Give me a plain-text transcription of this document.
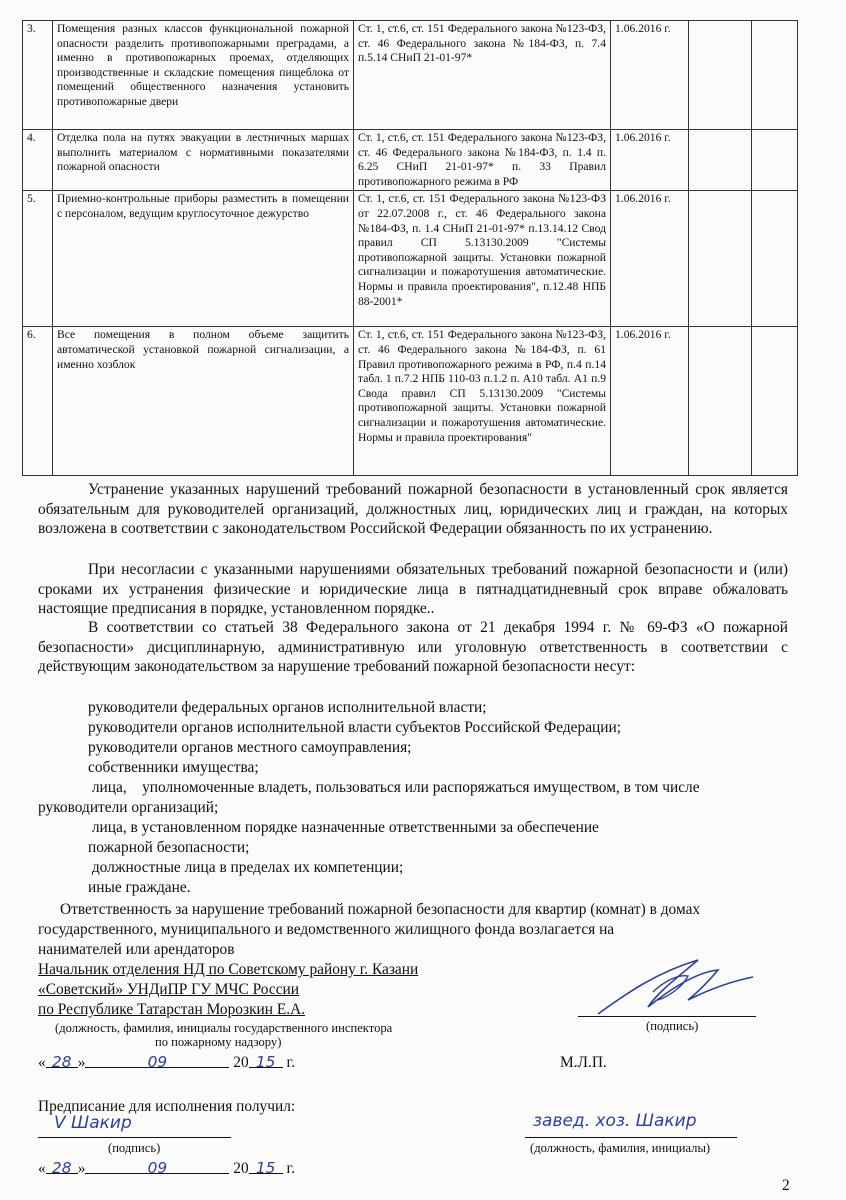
3.	Помещения разных классов функциональной пожарной опасности разделить противопожарными преградами, а именно в противопожарных проемах, отделяющих производственные и складские помещения пищеблока от помещений общественного назначения установить противопожарные двери	Ст. 1, ст.6, ст. 151 Федерального закона №123-ФЗ, ст. 46 Федерального закона №184-ФЗ, п. 7.4 п.5.14 СНиП 21-01-97*	1.06.2016 г.		
4.	Отделка пола на путях эвакуации в лестничных маршах выполнить материалом с нормативными показателями пожарной опасности	Ст. 1, ст.6, ст. 151 Федерального закона №123-ФЗ, ст. 46 Федерального закона №184-ФЗ, п. 1.4 п. 6.25 СНиП 21-01-97* п. 33 Правил противопожарного режима в РФ	1.06.2016 г.		
5.	Приемно-контрольные приборы разместить в помещении с персоналом, ведущим круглосуточное дежурство	Ст. 1, ст.6, ст. 151 Федерального закона №123-ФЗ от 22.07.2008 г., ст. 46 Федерального закона №184-ФЗ, п. 1.4 СНиП 21-01-97* п.13.14.12 Свод правил СП 5.13130.2009 "Системы противопожарной защиты. Установки пожарной сигнализации и пожаротушения автоматические. Нормы и правила проектирования", п.12.48 НПБ 88-2001*	1.06.2016 г.		
6.	Все помещения в полном объеме защитить автоматической установкой пожарной сигнализации, а именно хозблок	Ст. 1, ст.6, ст. 151 Федерального закона №123-ФЗ, ст. 46 Федерального закона №184-ФЗ, п. 61 Правил противопожарного режима в РФ, п.4 п.14 табл. 1 п.7.2 НПБ 110-03 п.1.2 п. А10 табл. А1 п.9 Свода правил СП 5.13130.2009 "Системы противопожарной защиты. Установки пожарной сигнализации и пожаротушения автоматические. Нормы и правила проектирования"	1.06.2016 г.		
Устранение указанных нарушений требований пожарной безопасности в установленный срок является обязательным для руководителей организаций, должностных лиц, юридических лиц и граждан, на которых возложена в соответствии с законодательством Российской Федерации обязанность по их устранению.
При несогласии с указанными нарушениями обязательных требований пожарной безопасности и (или) сроками их устранения физические и юридические лица в пятнадцатидневный срок вправе обжаловать настоящие предписания в порядке, установленном порядке..
В соответствии со статьей 38 Федерального закона от 21 декабря 1994 г. № 69-ФЗ «О пожарной безопасности» дисциплинарную, административную или уголовную ответственность в соответствии с действующим законодательством за нарушение требований пожарной безопасности несут:
руководители федеральных органов исполнительной власти;
руководители органов исполнительной власти субъектов Российской Федерации;
руководители органов местного самоуправления;
собственники имущества;
лица,    уполномоченные владеть, пользоваться или распоряжаться имуществом, в том числе
руководители организаций;
лица, в установленном порядке назначенные ответственными за обеспечение
пожарной безопасности;
должностные лица в пределах их компетенции;
иные граждане.
Ответственность за нарушение требований пожарной безопасности для квартир (комнат) в домах
государственного, муниципального и ведомственного жилищного фонда возлагается на
нанимателей или арендаторов
Начальник отделения НД по Советскому району г. Казани
«Советский» УНДиПР ГУ МЧС России
по Республике Татарстан Морозкин Е.А.
(должность, фамилия, инициалы государственного инспектора
по пожарному надзору)
(подпись)
« 28 »	09	20 15 г.	М.Л.П.
Предписание для исполнения получил:
V Шакир
(подпись)
завед. хоз. Шакир
(должность, фамилия, инициалы)
« 28 »	09	20 15 г.
2
